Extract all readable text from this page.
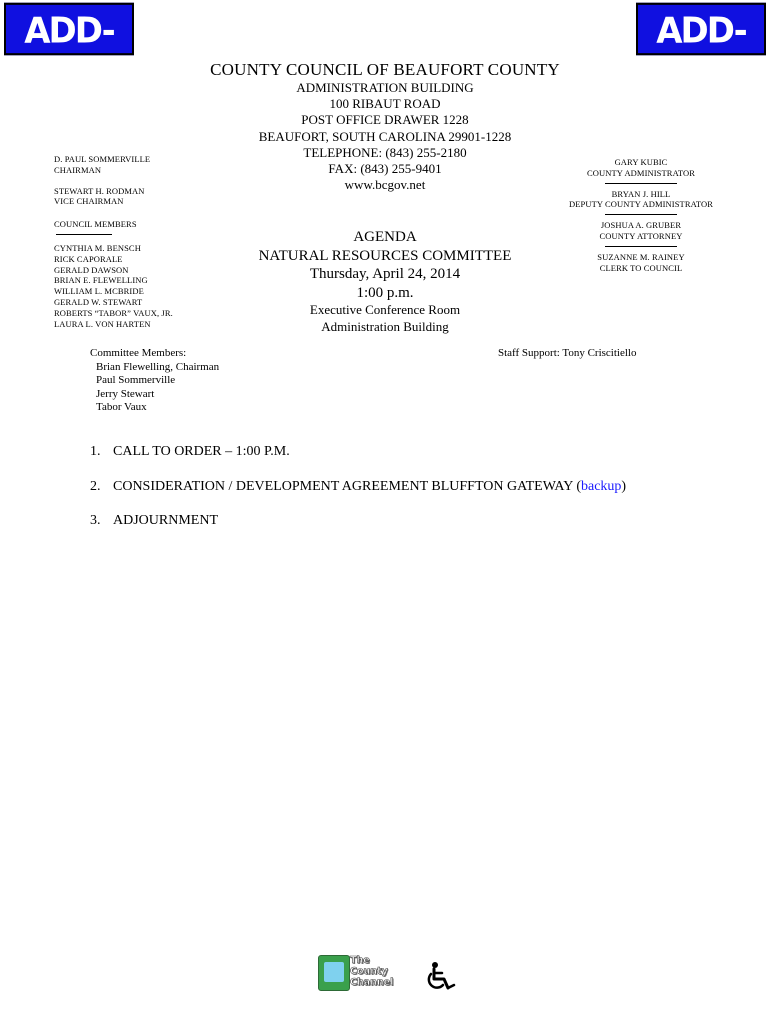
ADD-ONS
ADD-ONS
COUNTY COUNCIL OF BEAUFORT COUNTY
ADMINISTRATION BUILDING
100 RIBAUT ROAD
POST OFFICE DRAWER 1228
BEAUFORT, SOUTH CAROLINA 29901-1228
TELEPHONE: (843) 255-2180
FAX: (843) 255-9401
www.bcgov.net
D. PAUL SOMMERVILLE
CHAIRMAN
STEWART H. RODMAN
VICE CHAIRMAN
COUNCIL MEMBERS
CYNTHIA M. BENSCH
RICK CAPORALE
GERALD DAWSON
BRIAN E. FLEWELLING
WILLIAM L. MCBRIDE
GERALD W. STEWART
ROBERTS “TABOR” VAUX, JR.
LAURA L. VON HARTEN
GARY KUBIC
COUNTY ADMINISTRATOR
BRYAN J. HILL
DEPUTY COUNTY ADMINISTRATOR
JOSHUA A. GRUBER
COUNTY ATTORNEY
SUZANNE M. RAINEY
CLERK TO COUNCIL
AGENDA
NATURAL RESOURCES COMMITTEE
Thursday, April 24, 2014
1:00 p.m.
Executive Conference Room
Administration Building
Committee Members:
Brian Flewelling, Chairman
Paul Sommerville
Jerry Stewart
Tabor Vaux
Staff Support: Tony Criscitiello
1. CALL TO ORDER – 1:00 P.M.
2. CONSIDERATION / DEVELOPMENT AGREEMENT BLUFFTON GATEWAY (backup)
3. ADJOURNMENT
The
County
Channel
